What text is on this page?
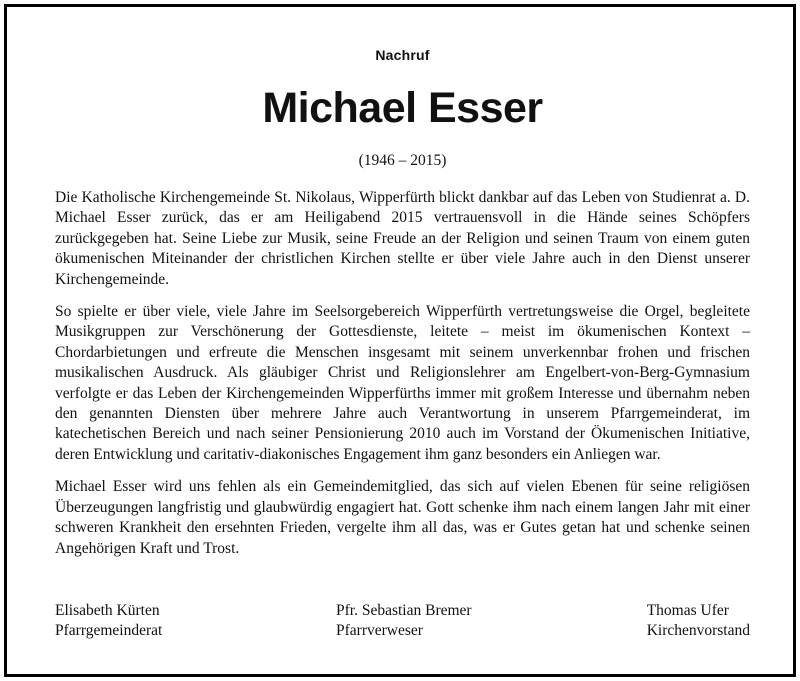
Nachruf
Michael Esser
(1946 – 2015)

Die Katholische Kirchengemeinde St. Nikolaus, Wipperfürth blickt dankbar auf das Leben von Studienrat a. D. Michael Esser zurück, das er am Heiligabend 2015 vertrauensvoll in die Hände seines Schöpfers zurückgegeben hat. Seine Liebe zur Musik, seine Freude an der Religion und seinen Traum von einem guten ökumenischen Miteinander der christlichen Kirchen stellte er über viele Jahre auch in den Dienst unserer Kirchengemeinde.

So spielte er über viele, viele Jahre im Seelsorgebereich Wipperfürth vertretungsweise die Orgel, begleitete Musikgruppen zur Verschönerung der Gottesdienste, leitete – meist im ökumenischen Kontext – Chordarbietungen und erfreute die Menschen insgesamt mit seinem unverkennbar frohen und frischen musikalischen Ausdruck. Als gläubiger Christ und Religionslehrer am Engelbert-von-Berg-Gymnasium verfolgte er das Leben der Kirchengemeinden Wipperfürths immer mit großem Interesse und übernahm neben den genannten Diensten über mehrere Jahre auch Verantwortung in unserem Pfarrgemeinderat, im katechetischen Bereich und nach seiner Pensionierung 2010 auch im Vorstand der Ökumenischen Initiative, deren Entwicklung und caritativ-diakonisches Engagement ihm ganz besonders ein Anliegen war.

Michael Esser wird uns fehlen als ein Gemeindemitglied, das sich auf vielen Ebenen für seine religiösen Überzeugungen langfristig und glaubwürdig engagiert hat. Gott schenke ihm nach einem langen Jahr mit einer schweren Krankheit den ersehnten Frieden, vergelte ihm all das, was er Gutes getan hat und schenke seinen Angehörigen Kraft und Trost.

Elisabeth Kürten
Pfarrgemeinderat
Pfr. Sebastian Bremer
Pfarrverweser
Thomas Ufer
Kirchenvorstand
